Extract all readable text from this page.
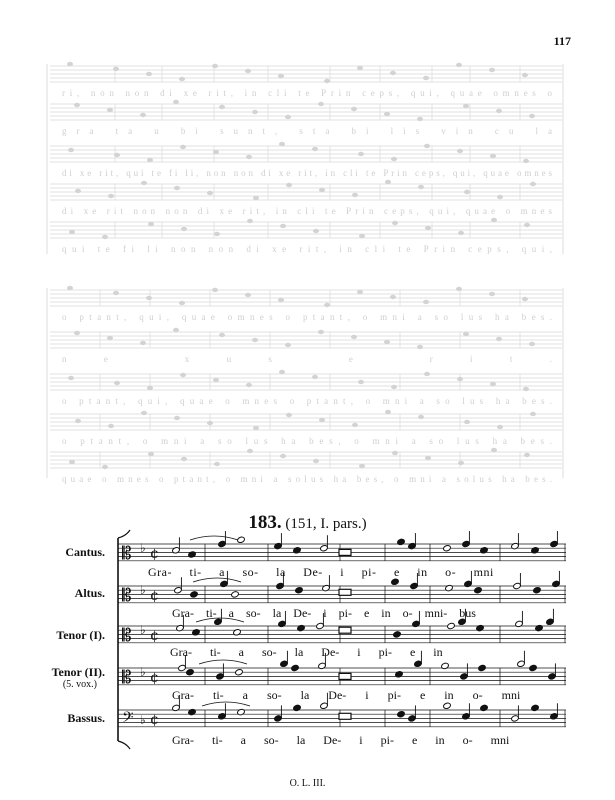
117
ri, non non di xe rit, in cli te Prin ceps, qui, quae omnes o
gra ta u bi sunt, sta bi lis vin cu la
di xe rit, qui te fi li, non non di xe rit, in cli te Prin ceps, qui, quae omnes
di xe rit non non di xe rit, in cli te Prin ceps, qui, quae o mnes
qui te fi li non non di xe rit, in cli te Prin ceps, qui,
o ptant, qui, quae omnes o ptant, o mni a so lus ha bes.
ne xus e rit.
o ptant, qui, quae o mnes o ptant, o mni a so lus ha bes.
o ptant, o mni a so lus ha bes, o mni a so lus ha bes.
quae o mnes o ptant, o mni a solus ha bes, o mni a solus ha bes.
183. (151, I. pars.)
Cantus.
Altus.
Tenor (I).
Tenor (II).
(5. vox.)
Bassus.
𝄡 ♭ ¢
𝄡 ♭ ¢
𝄡 ♭ ¢
𝄡 ♭ ¢
𝄢 ♭ ¢
Gra- ti- a so- la De- i pi- e in o- mni
Gra- ti- a so- la De- i pi- e in o- mni- bus
Gra- ti- a so- la De- i pi- e in
Gra- ti- a so- la De- i pi- e in o- mni
Gra- ti- a so- la De- i pi- e in o- mni
O. L. III.
